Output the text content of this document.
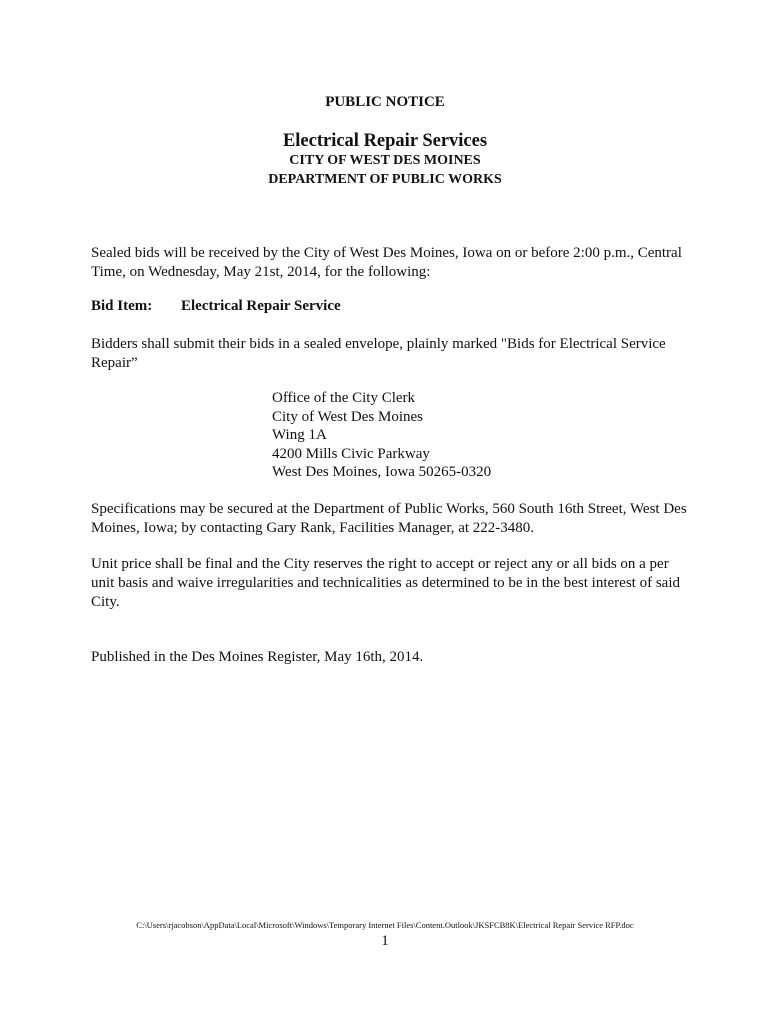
PUBLIC NOTICE
Electrical Repair Services
CITY OF WEST DES MOINES
DEPARTMENT OF PUBLIC WORKS
Sealed bids will be received by the City of West Des Moines, Iowa on or before 2:00 p.m., Central Time, on Wednesday, May 21st, 2014, for the following:
Bid Item: Electrical Repair Service
Bidders shall submit their bids in a sealed envelope, plainly marked "Bids for Electrical Service Repair”
Office of the City Clerk
City of West Des Moines
Wing 1A
4200 Mills Civic Parkway
West Des Moines, Iowa 50265-0320
Specifications may be secured at the Department of Public Works, 560 South 16th Street, West Des Moines, Iowa; by contacting Gary Rank, Facilities Manager, at 222-3480.
Unit price shall be final and the City reserves the right to accept or reject any or all bids on a per unit basis and waive irregularities and technicalities as determined to be in the best interest of said City.
Published in the Des Moines Register, May 16th, 2014.
C:\Users\rjacobson\AppData\Local\Microsoft\Windows\Temporary Internet Files\Content.Outlook\JKSFCB8K\Electrical Repair Service RFP.doc
1
